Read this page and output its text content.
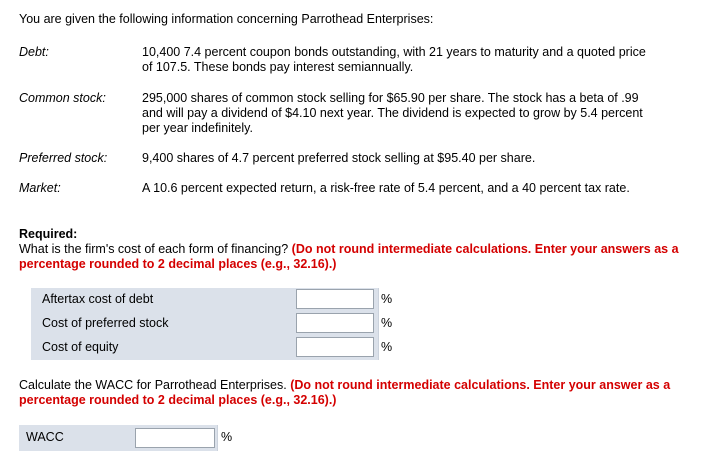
You are given the following information concerning Parrothead Enterprises:
Debt:	10,400 7.4 percent coupon bonds outstanding, with 21 years to maturity and a quoted price of 107.5. These bonds pay interest semiannually.
Common stock:	295,000 shares of common stock selling for $65.90 per share. The stock has a beta of .99 and will pay a dividend of $4.10 next year. The dividend is expected to grow by 5.4 percent per year indefinitely.
Preferred stock:	9,400 shares of 4.7 percent preferred stock selling at $95.40 per share.
Market:	A 10.6 percent expected return, a risk-free rate of 5.4 percent, and a 40 percent tax rate.
Required:
What is the firm's cost of each form of financing? (Do not round intermediate calculations. Enter your answers as a percentage rounded to 2 decimal places (e.g., 32.16).)
Aftertax cost of debt	%
Cost of preferred stock	%
Cost of equity	%
Calculate the WACC for Parrothead Enterprises. (Do not round intermediate calculations. Enter your answer as a percentage rounded to 2 decimal places (e.g., 32.16).)
WACC	%
